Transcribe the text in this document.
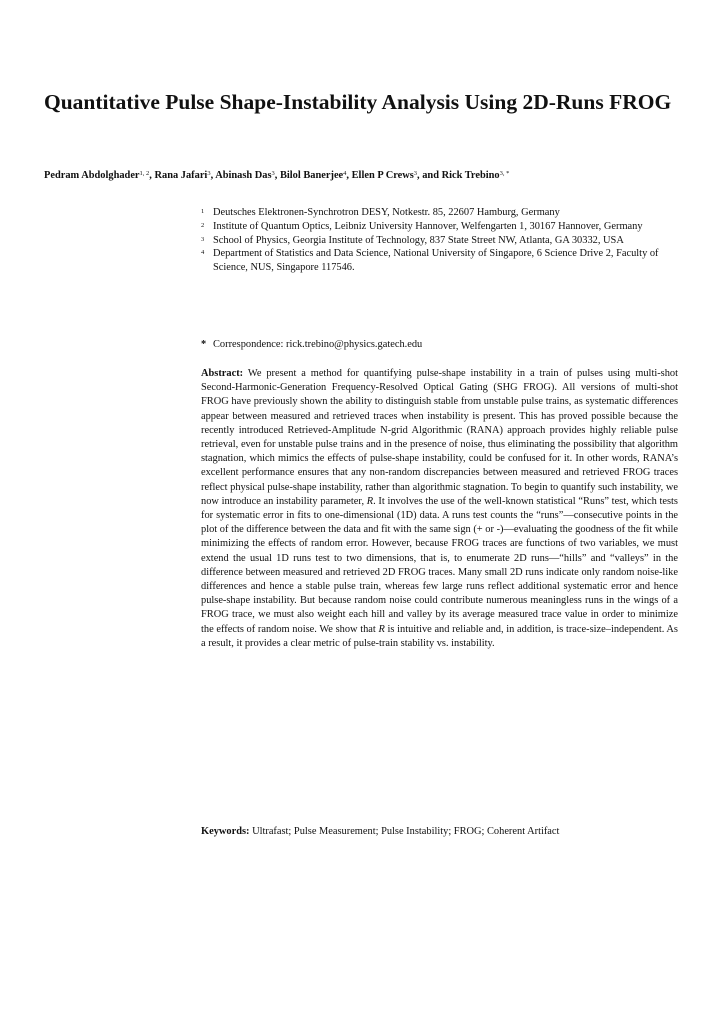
Quantitative Pulse Shape-Instability Analysis Using 2D-Runs FROG

Pedram Abdolghader$^{1, 2}$, Rana Jafari$^3$, Abinash Das$^3$, Bilol Banerjee$^4$, Ellen P Crews$^3$, and Rick Trebino$^{3, *}$

1 Deutsches Elektronen-Synchrotron DESY, Notkestr. 85, 22607 Hamburg, Germany
2 Institute of Quantum Optics, Leibniz University Hannover, Welfengarten 1, 30167 Hannover, Germany
3 School of Physics, Georgia Institute of Technology, 837 State Street NW, Atlanta, GA 30332, USA
4 Department of Statistics and Data Science, National University of Singapore, 6 Science Drive 2, Faculty of Science, NUS, Singapore 117546.

* Correspondence: rick.trebino@physics.gatech.edu

Abstract: We present a method for quantifying pulse-shape instability in a train of pulses using multi-shot Second-Harmonic-Generation Frequency-Resolved Optical Gating (SHG FROG). All versions of multi-shot FROG have previously shown the ability to distinguish stable from unstable pulse trains, as systematic differences appear between measured and retrieved traces when instability is present. This has proved possible because the recently introduced Retrieved-Amplitude N-grid Algorithmic (RANA) approach provides highly reliable pulse retrieval, even for unstable pulse trains and in the presence of noise, thus eliminating the possibility that algorithm stagnation, which mimics the effects of pulse-shape instability, could be confused for it. In other words, RANA’s excellent performance ensures that any non-random discrepancies between measured and retrieved FROG traces reflect physical pulse-shape instability, rather than algorithmic stagnation. To begin to quantify such instability, we now introduce an instability parameter, R. It involves the use of the well-known statistical “Runs” test, which tests for systematic error in fits to one-dimensional (1D) data. A runs test counts the “runs”—consecutive points in the plot of the difference between the data and fit with the same sign (+ or -)—evaluating the goodness of the fit while minimizing the effects of random error. However, because FROG traces are functions of two variables, we must extend the usual 1D runs test to two dimensions, that is, to enumerate 2D runs—“hills” and “valleys” in the difference between measured and retrieved 2D FROG traces. Many small 2D runs indicate only random noise-like differences and hence a stable pulse train, whereas few large runs reflect additional systematic error and hence pulse-shape instability. But because random noise could contribute numerous meaningless runs in the wings of a FROG trace, we must also weight each hill and valley by its average measured trace value in order to minimize the effects of random noise. We show that R is intuitive and reliable and, in addition, is trace-size–independent. As a result, it provides a clear metric of pulse-train stability vs. instability.

Keywords: Ultrafast; Pulse Measurement; Pulse Instability; FROG; Coherent Artifact
